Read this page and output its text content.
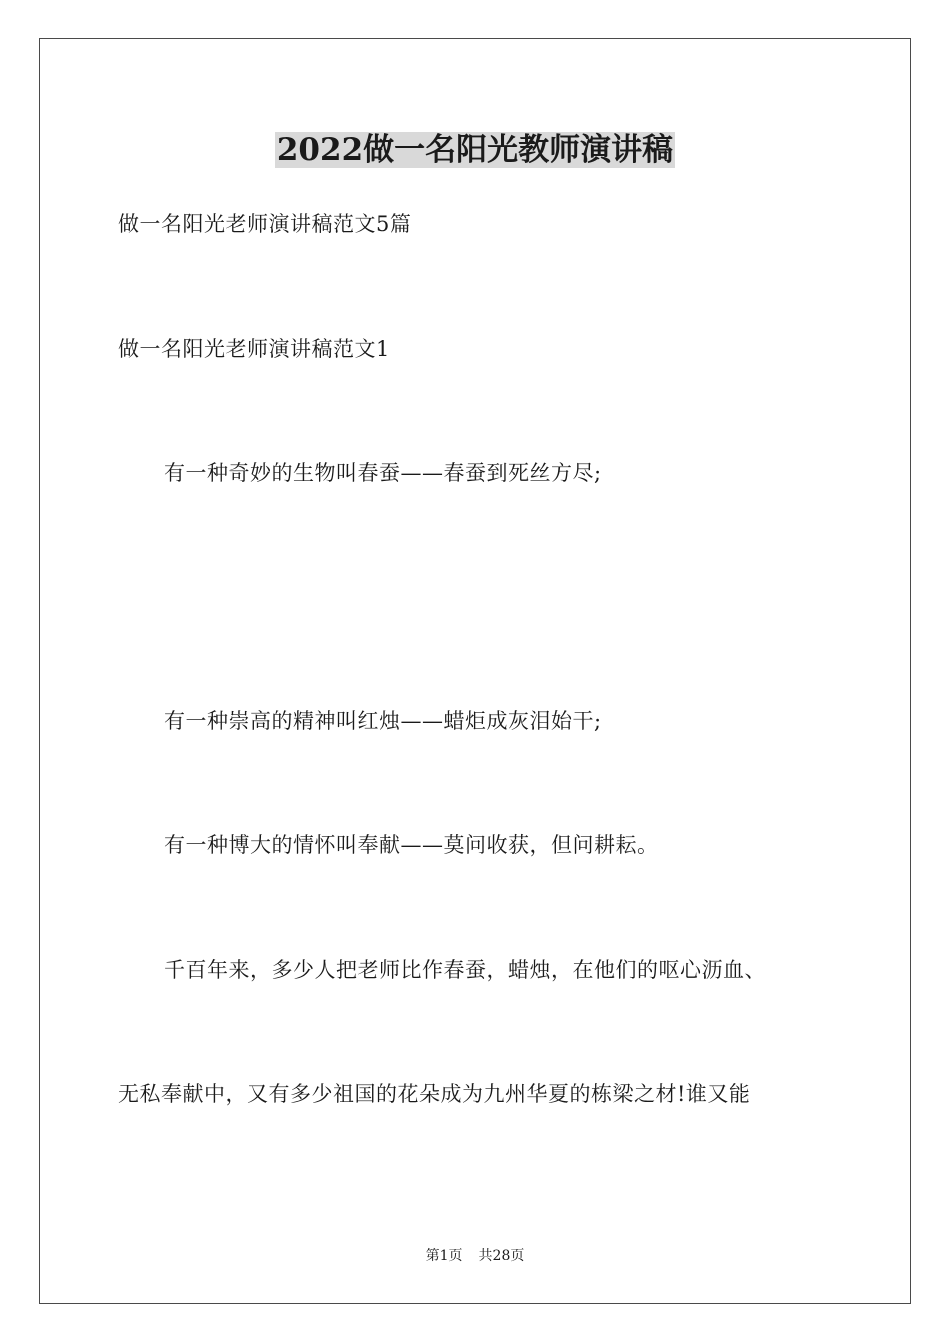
2022做一名阳光教师演讲稿

做一名阳光老师演讲稿范文5篇

做一名阳光老师演讲稿范文1

有一种奇妙的生物叫春蚕——春蚕到死丝方尽;

有一种崇高的精神叫红烛——蜡炬成灰泪始干;

有一种博大的情怀叫奉献——莫问收获，但问耕耘。

千百年来，多少人把老师比作春蚕，蜡烛，在他们的呕心沥血、

无私奉献中，又有多少祖国的花朵成为九州华夏的栋梁之材!谁又能

第1页 共28页
